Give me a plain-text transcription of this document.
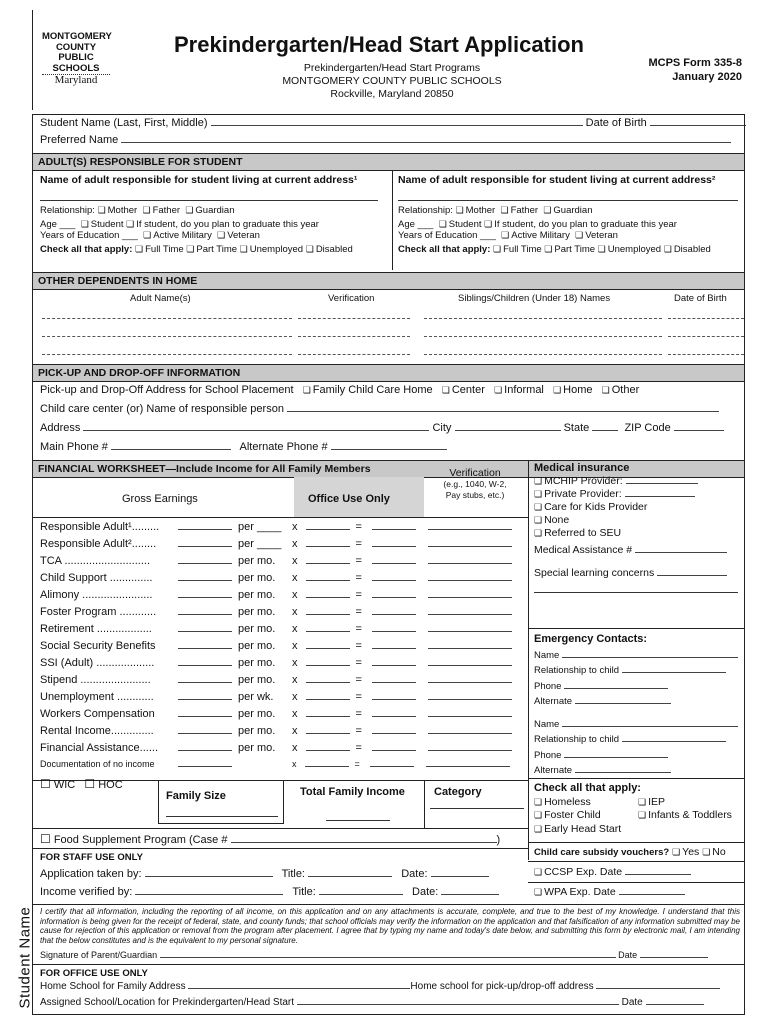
Student Name
MONTGOMERY
COUNTY
PUBLIC
SCHOOLS
Maryland
Prekindergarten/Head Start Application
Prekindergarten/Head Start Programs
MONTGOMERY COUNTY PUBLIC SCHOOLS
Rockville, Maryland 20850
MCPS Form 335-8
January 2020
Student Name (Last, First, Middle)	Date of Birth
Preferred Name
ADULT(S) RESPONSIBLE FOR STUDENT
Name of adult responsible for student living at current address¹
Relationship: ❏ Mother ❏ Father ❏ Guardian
Age ___ ❏ Student ❏ If student, do you plan to graduate this year
Years of Education ___ ❏ Active Military ❏ Veteran
Check all that apply: ❏ Full Time ❏ Part Time ❏ Unemployed ❏ Disabled
Name of adult responsible for student living at current address²
Relationship: ❏ Mother ❏ Father ❏ Guardian
Age ___ ❏ Student ❏ If student, do you plan to graduate this year
Years of Education ___ ❏ Active Military ❏ Veteran
Check all that apply: ❏ Full Time ❏ Part Time ❏ Unemployed ❏ Disabled
OTHER DEPENDENTS IN HOME
Adult Name(s)	Verification	Siblings/Children (Under 18) Names	Date of Birth
PICK-UP AND DROP-OFF INFORMATION
Pick-up and Drop-Off Address for School Placement ❏ Family Child Care Home ❏ Center ❏ Informal ❏ Home ❏ Other
Child care center (or) Name of responsible person
Address	City	State	ZIP Code
Main Phone #	Alternate Phone #
FINANCIAL WORKSHEET—Include Income for All Family Members
Office Use Only
Gross Earnings
Verification
(e.g., 1040, W-2,
Pay stubs, etc.)
Responsible Adult¹.........	per ____ x	=
Responsible Adult²........	per ____ x	=
TCA ............................	per mo. x	=
Child Support ..............	per mo. x	=
Alimony .......................	per mo. x	=
Foster Program ............	per mo. x	=
Retirement ..................	per mo. x	=
Social Security Benefits	per mo. x	=
SSI (Adult) ...................	per mo. x	=
Stipend .......................	per mo. x	=
Unemployment ............	per wk. x	=
Workers Compensation	per mo. x	=
Rental Income..............	per mo. x	=
Financial Assistance......	per mo. x	=
Documentation of no income	x	=
☐ WIC ☐ HOC
Family Size	Total Family Income	Category
☐ Food Supplement Program (Case #	)
Medical insurance
❏ MCHIP Provider:
❏ Private Provider:
❏ Care for Kids Provider
❏ None
❏ Referred to SEU
Medical Assistance #
Special learning concerns
Emergency Contacts:
Name
Relationship to child
Phone
Alternate
Name
Relationship to child
Phone
Alternate
Check all that apply:
❏ Homeless	❏ IEP
❏ Foster Child	❏ Infants & Toddlers
❏ Early Head Start
Child care subsidy vouchers? ❏ Yes ❏ No
❏ CCSP Exp. Date
❏ WPA Exp. Date
FOR STAFF USE ONLY
Application taken by:	Title:	Date:
Income verified by:	Title:	Date:
I certify that all information, including the reporting of all income, on this application and on any attachments is accurate, complete, and true to the best of my knowledge. I understand that this information is being given for the receipt of federal, state, and county funds; that school officials may verify the information on the application and that falsification of any information submitted may be cause for rejection of this application or removal from the program after placement. I agree that by typing my name and today's date below, and submitting this form by electronic mail, I am intending that the below constitutes and is the equivalent to my personal signature.
Signature of Parent/Guardian	Date
FOR OFFICE USE ONLY
Home School for Family Address	Home school for pick-up/drop-off address
Assigned School/Location for Prekindergarten/Head Start	Date
